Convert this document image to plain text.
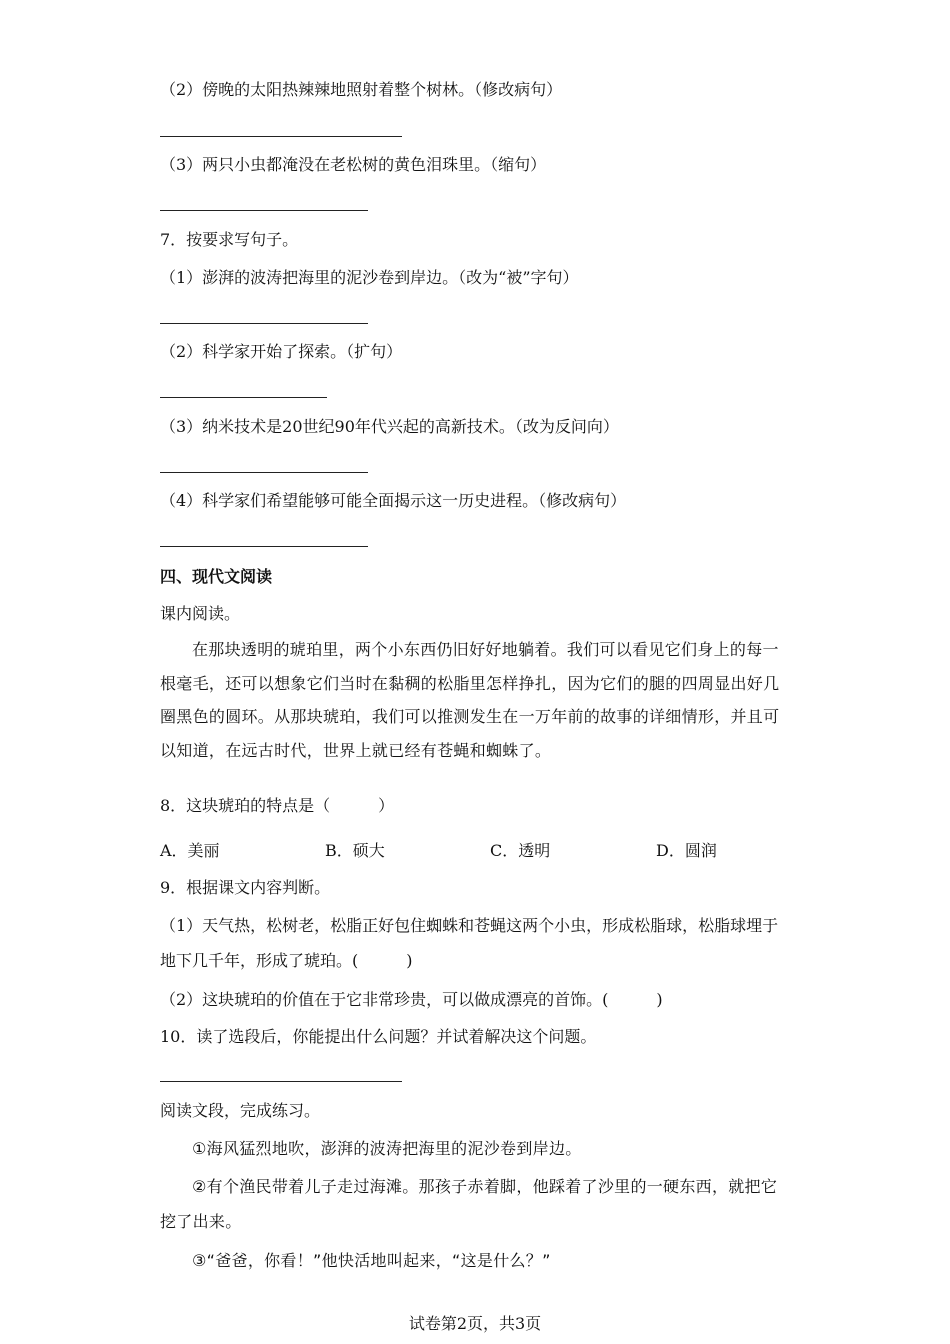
（2）傍晚的太阳热辣辣地照射着整个树林。（修改病句）
（3）两只小虫都淹没在老松树的黄色泪珠里。（缩句）
7．按要求写句子。
（1）澎湃的波涛把海里的泥沙卷到岸边。（改为“被”字句）
（2）科学家开始了探索。（扩句）
（3）纳米技术是20世纪90年代兴起的高新技术。（改为反问向）
（4）科学家们希望能够可能全面揭示这一历史进程。（修改病句）
四、现代文阅读
课内阅读。
在那块透明的琥珀里，两个小东西仍旧好好地躺着。我们可以看见它们身上的每一根毫毛，还可以想象它们当时在黏稠的松脂里怎样挣扎，因为它们的腿的四周显出好几圈黑色的圆环。从那块琥珀，我们可以推测发生在一万年前的故事的详细情形，并且可以知道，在远古时代，世界上就已经有苍蝇和蜘蛛了。
8．这块琥珀的特点是（　　　）
A．美丽	B．硕大	C．透明	D．圆润
9．根据课文内容判断。
（1）天气热，松树老，松脂正好包住蜘蛛和苍蝇这两个小虫，形成松脂球，松脂球埋于地下几千年，形成了琥珀。(　　　)
（2）这块琥珀的价值在于它非常珍贵，可以做成漂亮的首饰。(　　　)
10．读了选段后，你能提出什么问题？并试着解决这个问题。
阅读文段，完成练习。
①海风猛烈地吹，澎湃的波涛把海里的泥沙卷到岸边。
②有个渔民带着儿子走过海滩。那孩子赤着脚，他踩着了沙里的一硬东西，就把它挖了出来。
③“爸爸，你看！”他快活地叫起来，“这是什么？”
试卷第2页，共3页
